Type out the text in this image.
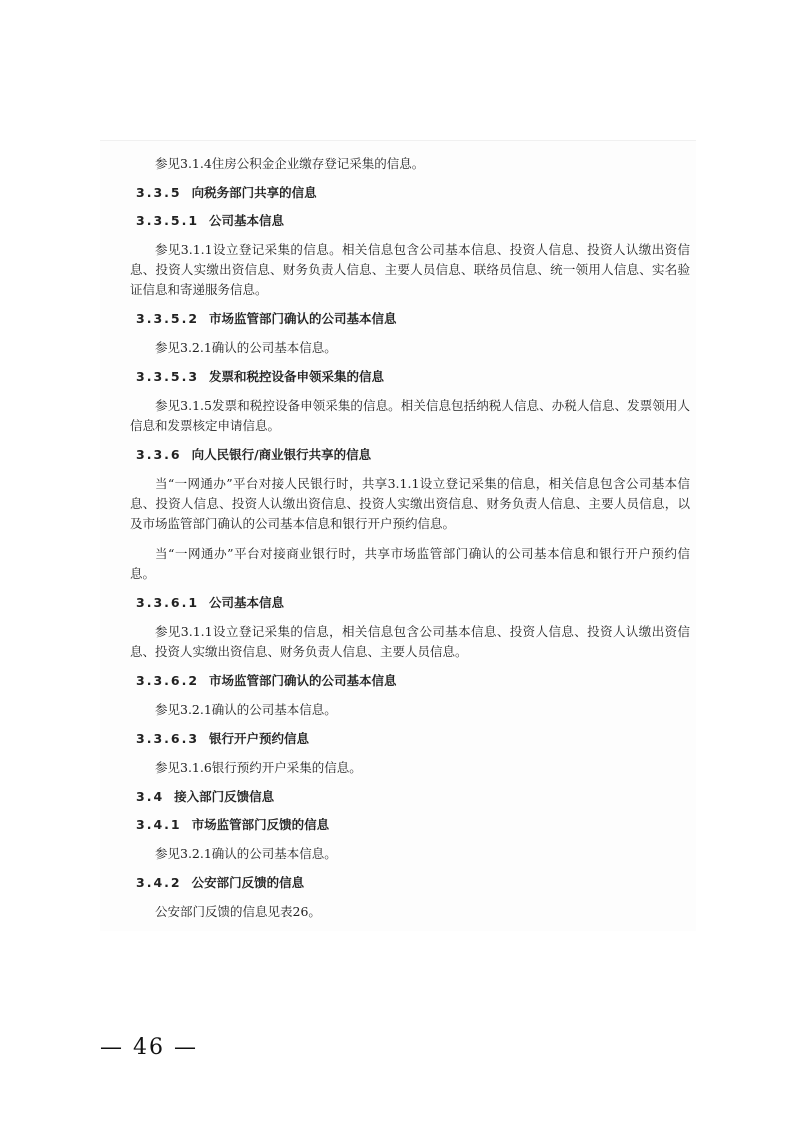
参见3.1.4住房公积金企业缴存登记采集的信息。

3.3.5 向税务部门共享的信息
3.3.5.1 公司基本信息

参见3.1.1设立登记采集的信息。相关信息包含公司基本信息、投资人信息、投资人认缴出资信息、投资人实缴出资信息、财务负责人信息、主要人员信息、联络员信息、统一领用人信息、实名验证信息和寄递服务信息。

3.3.5.2 市场监管部门确认的公司基本信息

参见3.2.1确认的公司基本信息。

3.3.5.3 发票和税控设备申领采集的信息

参见3.1.5发票和税控设备申领采集的信息。相关信息包括纳税人信息、办税人信息、发票领用人信息和发票核定申请信息。

3.3.6 向人民银行/商业银行共享的信息

当“一网通办”平台对接人民银行时，共享3.1.1设立登记采集的信息，相关信息包含公司基本信息、投资人信息、投资人认缴出资信息、投资人实缴出资信息、财务负责人信息、主要人员信息，以及市场监管部门确认的公司基本信息和银行开户预约信息。

当“一网通办”平台对接商业银行时，共享市场监管部门确认的公司基本信息和银行开户预约信息。

3.3.6.1 公司基本信息

参见3.1.1设立登记采集的信息，相关信息包含公司基本信息、投资人信息、投资人认缴出资信息、投资人实缴出资信息、财务负责人信息、主要人员信息。

3.3.6.2 市场监管部门确认的公司基本信息

参见3.2.1确认的公司基本信息。

3.3.6.3 银行开户预约信息

参见3.1.6银行预约开户采集的信息。

3.4 接入部门反馈信息
3.4.1 市场监管部门反馈的信息

参见3.2.1确认的公司基本信息。

3.4.2 公安部门反馈的信息

公安部门反馈的信息见表26。

— 46 —
